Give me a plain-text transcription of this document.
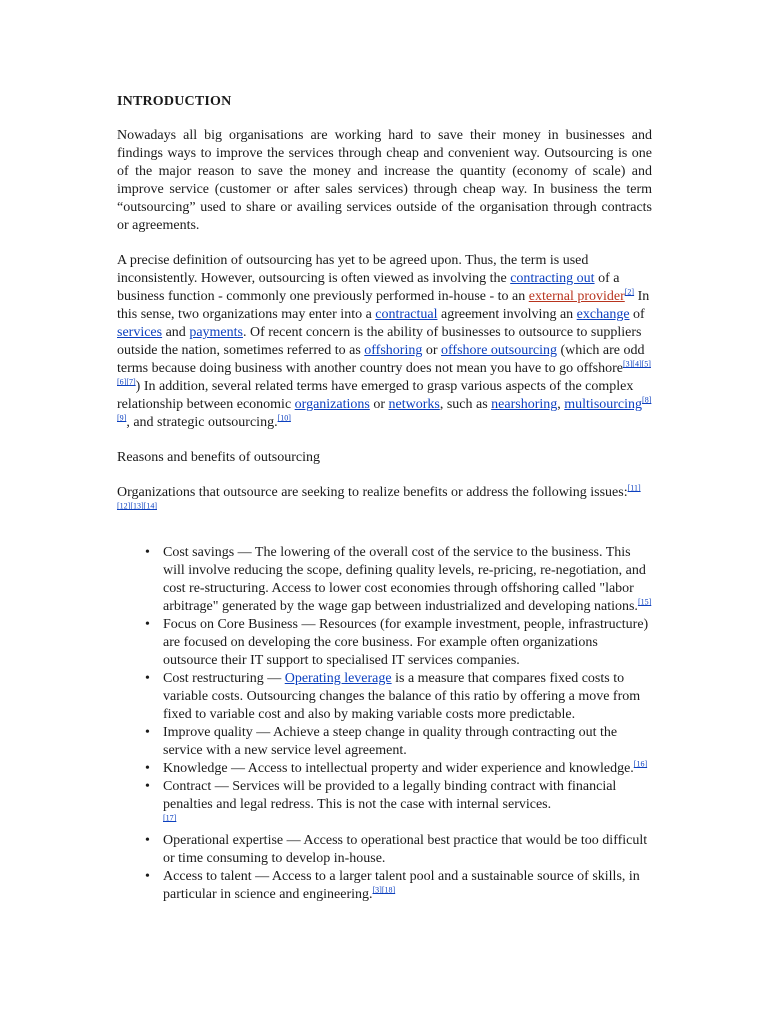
INTRODUCTION

Nowadays all big organisations are working hard to save their money in businesses and findings ways to improve the services through cheap and convenient way. Outsourcing is one of the major reason to save the money and increase the quantity (economy of scale) and improve service (customer or after sales services) through cheap way. In business the term “outsourcing” used to share or availing services outside of the organisation through contracts or agreements.

A precise definition of outsourcing has yet to be agreed upon. Thus, the term is used inconsistently. However, outsourcing is often viewed as involving the contracting out of a business function - commonly one previously performed in-house - to an external provider[2] In this sense, two organizations may enter into a contractual agreement involving an exchange of services and payments. Of recent concern is the ability of businesses to outsource to suppliers outside the nation, sometimes referred to as offshoring or offshore outsourcing (which are odd terms because doing business with another country does not mean you have to go offshore[3][4][5][6][7]) In addition, several related terms have emerged to grasp various aspects of the complex relationship between economic organizations or networks, such as nearshoring, multisourcing[8][9], and strategic outsourcing.[10]

Reasons and benefits of outsourcing

Organizations that outsource are seeking to realize benefits or address the following issues:[11][12][13][14]

• Cost savings — The lowering of the overall cost of the service to the business. This will involve reducing the scope, defining quality levels, re-pricing, re-negotiation, and cost re-structuring. Access to lower cost economies through offshoring called "labor arbitrage" generated by the wage gap between industrialized and developing nations.[15]
• Focus on Core Business — Resources (for example investment, people, infrastructure) are focused on developing the core business. For example often organizations outsource their IT support to specialised IT services companies.
• Cost restructuring — Operating leverage is a measure that compares fixed costs to variable costs. Outsourcing changes the balance of this ratio by offering a move from fixed to variable cost and also by making variable costs more predictable.
• Improve quality — Achieve a steep change in quality through contracting out the service with a new service level agreement.
• Knowledge — Access to intellectual property and wider experience and knowledge.[16]
• Contract — Services will be provided to a legally binding contract with financial penalties and legal redress. This is not the case with internal services.
[17]
• Operational expertise — Access to operational best practice that would be too difficult or time consuming to develop in-house.
• Access to talent — Access to a larger talent pool and a sustainable source of skills, in particular in science and engineering.[3][18]
